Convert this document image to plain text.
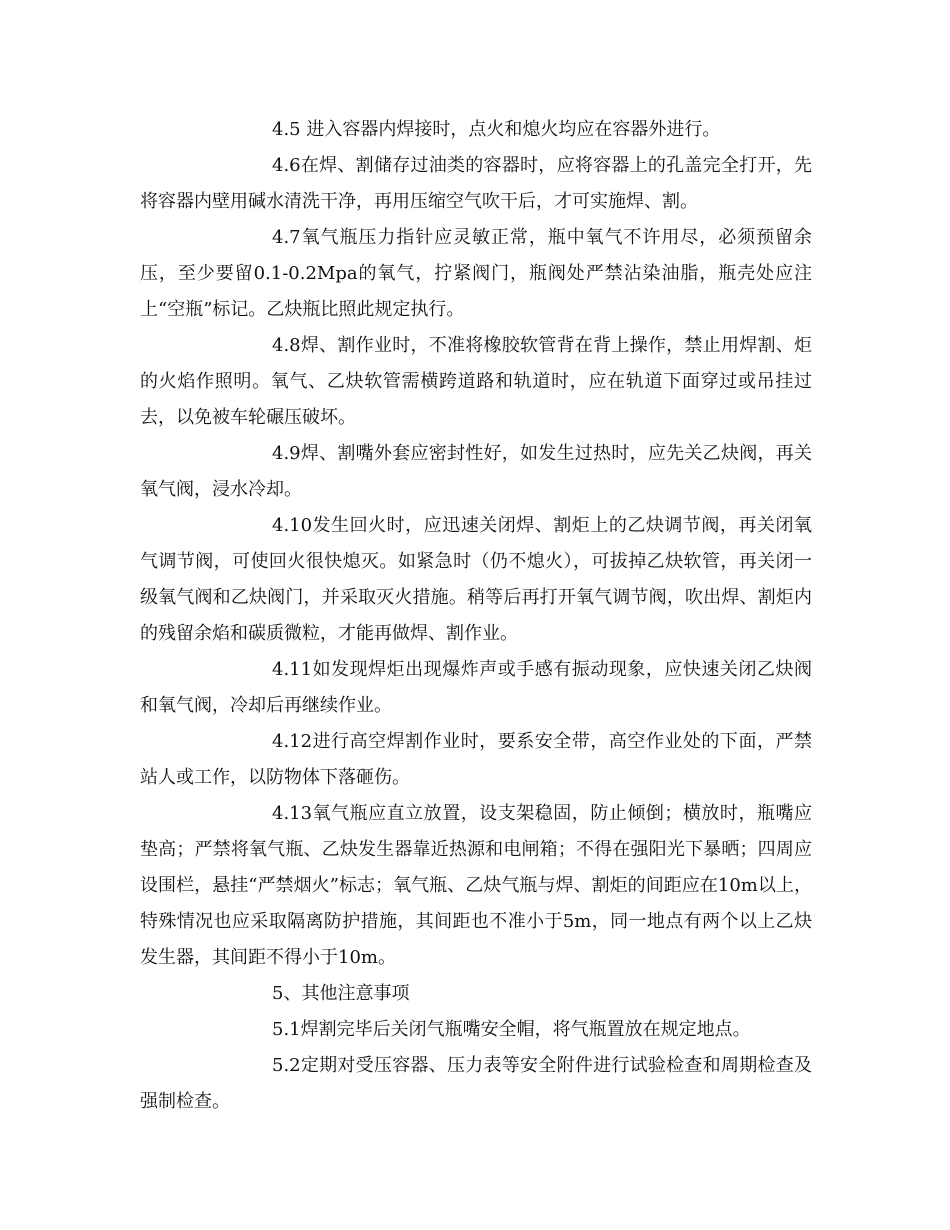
4.5 进入容器内焊接时，点火和熄火均应在容器外进行。

4.6在焊、割储存过油类的容器时，应将容器上的孔盖完全打开，先将容器内壁用碱水清洗干净，再用压缩空气吹干后，才可实施焊、割。

4.7氧气瓶压力指针应灵敏正常，瓶中氧气不许用尽，必须预留余压，至少要留0.1-0.2Mpa的氧气，拧紧阀门，瓶阀处严禁沾染油脂，瓶壳处应注上“空瓶”标记。乙炔瓶比照此规定执行。

4.8焊、割作业时，不准将橡胶软管背在背上操作，禁止用焊割、炬的火焰作照明。氧气、乙炔软管需横跨道路和轨道时，应在轨道下面穿过或吊挂过去，以免被车轮碾压破坏。

4.9焊、割嘴外套应密封性好，如发生过热时，应先关乙炔阀，再关氧气阀，浸水冷却。

4.10发生回火时，应迅速关闭焊、割炬上的乙炔调节阀，再关闭氧气调节阀，可使回火很快熄灭。如紧急时（仍不熄火），可拔掉乙炔软管，再关闭一级氧气阀和乙炔阀门，并采取灭火措施。稍等后再打开氧气调节阀，吹出焊、割炬内的残留余焰和碳质微粒，才能再做焊、割作业。

4.11如发现焊炬出现爆炸声或手感有振动现象，应快速关闭乙炔阀和氧气阀，冷却后再继续作业。

4.12进行高空焊割作业时，要系安全带，高空作业处的下面，严禁站人或工作，以防物体下落砸伤。

4.13氧气瓶应直立放置，设支架稳固，防止倾倒；横放时，瓶嘴应垫高；严禁将氧气瓶、乙炔发生器靠近热源和电闸箱；不得在强阳光下暴晒；四周应设围栏，悬挂“严禁烟火”标志；氧气瓶、乙炔气瓶与焊、割炬的间距应在10m以上，特殊情况也应采取隔离防护措施，其间距也不准小于5m，同一地点有两个以上乙炔发生器，其间距不得小于10m。

5、其他注意事项

5.1焊割完毕后关闭气瓶嘴安全帽，将气瓶置放在规定地点。

5.2定期对受压容器、压力表等安全附件进行试验检查和周期检查及强制检查。
